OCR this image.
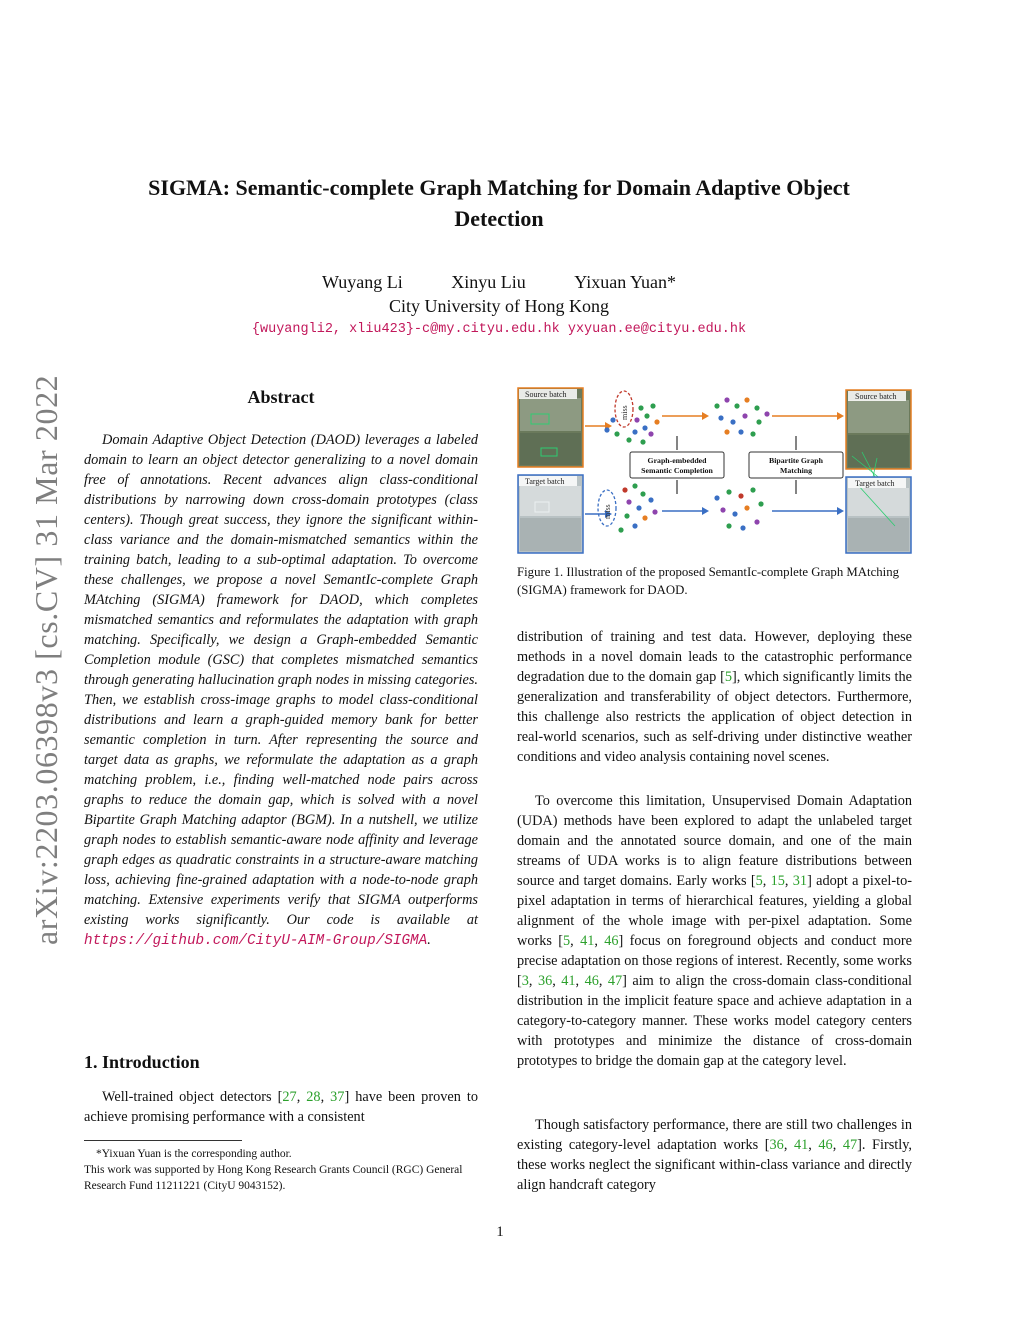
arXiv:2203.06398v3 [cs.CV] 31 Mar 2022
SIGMA: Semantic-complete Graph Matching for Domain Adaptive Object
Detection
Wuyang Li	Xinyu Liu	Yixuan Yuan*
City University of Hong Kong
{wuyangli2, xliu423}-c@my.cityu.edu.hk yxyuan.ee@cityu.edu.hk
Abstract

Domain Adaptive Object Detection (DAOD) leverages a labeled domain to learn an object detector generalizing to a novel domain free of annotations. Recent advances align class-conditional distributions by narrowing down cross-domain prototypes (class centers). Though great success, they ignore the significant within-class variance and the domain-mismatched semantics within the training batch, leading to a sub-optimal adaptation. To overcome these challenges, we propose a novel SemantIc-complete Graph MAtching (SIGMA) framework for DAOD, which completes mismatched semantics and reformulates the adaptation with graph matching. Specifically, we design a Graph-embedded Semantic Completion module (GSC) that completes mismatched semantics through generating hallucination graph nodes in missing categories. Then, we establish cross-image graphs to model class-conditional distributions and learn a graph-guided memory bank for better semantic completion in turn. After representing the source and target data as graphs, we reformulate the adaptation as a graph matching problem, i.e., finding well-matched node pairs across graphs to reduce the domain gap, which is solved with a novel Bipartite Graph Matching adaptor (BGM). In a nutshell, we utilize graph nodes to establish semantic-aware node affinity and leverage graph edges as quadratic constraints in a structure-aware matching loss, achieving fine-grained adaptation with a node-to-node graph matching. Extensive experiments verify that SIGMA outperforms existing works significantly. Our code is available at https://github.com/CityU-AIM-Group/SIGMA.

1. Introduction

Well-trained object detectors [27, 28, 37] have been proven to achieve promising performance with a consistent

*Yixuan Yuan is the corresponding author.
This work was supported by Hong Kong Research Grants Council (RGC) General Research Fund 11211221 (CityU 9043152).
Source batch
Target batch
miss
miss
Graph-embedded
Semantic Completion
Bipartite Graph
Matching
Source batch
Target batch

Figure 1. Illustration of the proposed SemantIc-complete Graph MAtching (SIGMA) framework for DAOD.

distribution of training and test data. However, deploying these methods in a novel domain leads to the catastrophic performance degradation due to the domain gap [5], which significantly limits the generalization and transferability of object detectors. Furthermore, this challenge also restricts the application of object detection in real-world scenarios, such as self-driving under distinctive weather conditions and video analysis containing novel scenes.

To overcome this limitation, Unsupervised Domain Adaptation (UDA) methods have been explored to adapt the unlabeled target domain and the annotated source domain, and one of the main streams of UDA works is to align feature distributions between source and target domains. Early works [5, 15, 31] adopt a pixel-to-pixel adaptation in terms of hierarchical features, yielding a global alignment of the whole image with per-pixel adaptation. Some works [5, 41, 46] focus on foreground objects and conduct more precise adaptation on those regions of interest. Recently, some works [3, 36, 41, 46, 47] aim to align the cross-domain class-conditional distribution in the implicit feature space and achieve adaptation in a category-to-category manner. These works model category centers with prototypes and minimize the distance of cross-domain prototypes to bridge the domain gap at the category level.

Though satisfactory performance, there are still two challenges in existing category-level adaptation works [36, 41, 46, 47]. Firstly, these works neglect the significant within-class variance and directly align handcraft category

1
